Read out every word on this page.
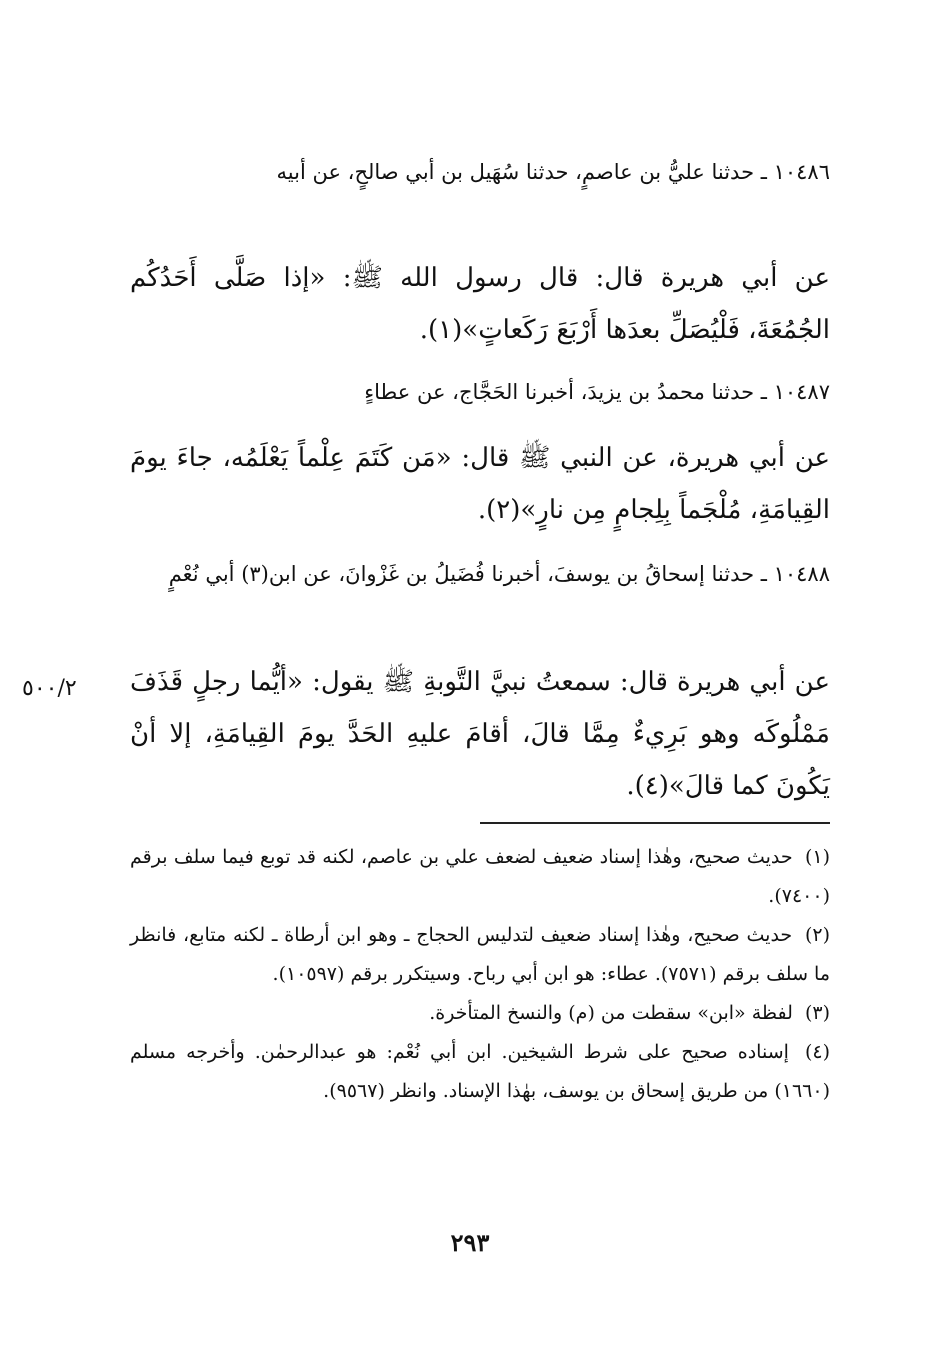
١٠٤٨٦ ـ حدثنا عليُّ بن عاصمٍ، حدثنا سُهَيل بن أبي صالحٍ، عن أبيه

عن أبي هريرة قال: قال رسول الله ﷺ: «إذا صَلَّى أَحَدُكُم الجُمُعَةَ، فَلْيُصَلِّ بعدَها أَرْبَعَ رَكَعاتٍ»(١).

١٠٤٨٧ ـ حدثنا محمدُ بن يزيدَ، أخبرنا الحَجَّاج، عن عطاءٍ

عن أبي هريرة، عن النبي ﷺ قال: «مَن كَتَمَ عِلْماً يَعْلَمُه، جاءَ يومَ القِيامَةِ، مُلْجَماً بِلِجامٍ مِن نارٍ»(٢).

١٠٤٨٨ ـ حدثنا إسحاقُ بن يوسفَ، أخبرنا فُضَيلُ بن غَزْوانَ، عن ابن(٣) أبي نُعْمٍ

عن أبي هريرة قال: سمعتُ نبيَّ التَّوبةِ ﷺ يقول: «أيُّما رجلٍ قَذَفَ مَمْلُوكَه وهو بَرِيءٌ مِمَّا قالَ، أقامَ عليهِ الحَدَّ يومَ القِيامَةِ، إلا أنْ يَكُونَ كما قالَ»(٤).

٥٠٠/٢

(١) حديث صحيح، وهٰذا إسناد ضعيف لضعف علي بن عاصم، لكنه قد توبع فيما سلف برقم (٧٤٠٠).

(٢) حديث صحيح، وهٰذا إسناد ضعيف لتدليس الحجاج ـ وهو ابن أرطاة ـ لكنه متابع، فانظر ما سلف برقم (٧٥٧١). عطاء: هو ابن أبي رباح. وسيتكرر برقم (١٠٥٩٧).

(٣) لفظة «ابن» سقطت من (م) والنسخ المتأخرة.

(٤) إسناده صحيح على شرط الشيخين. ابن أبي نُعْم: هو عبدالرحمٰن. وأخرجه مسلم (١٦٦٠) من طريق إسحاق بن يوسف، بهٰذا الإسناد. وانظر (٩٥٦٧).

٢٩٣
